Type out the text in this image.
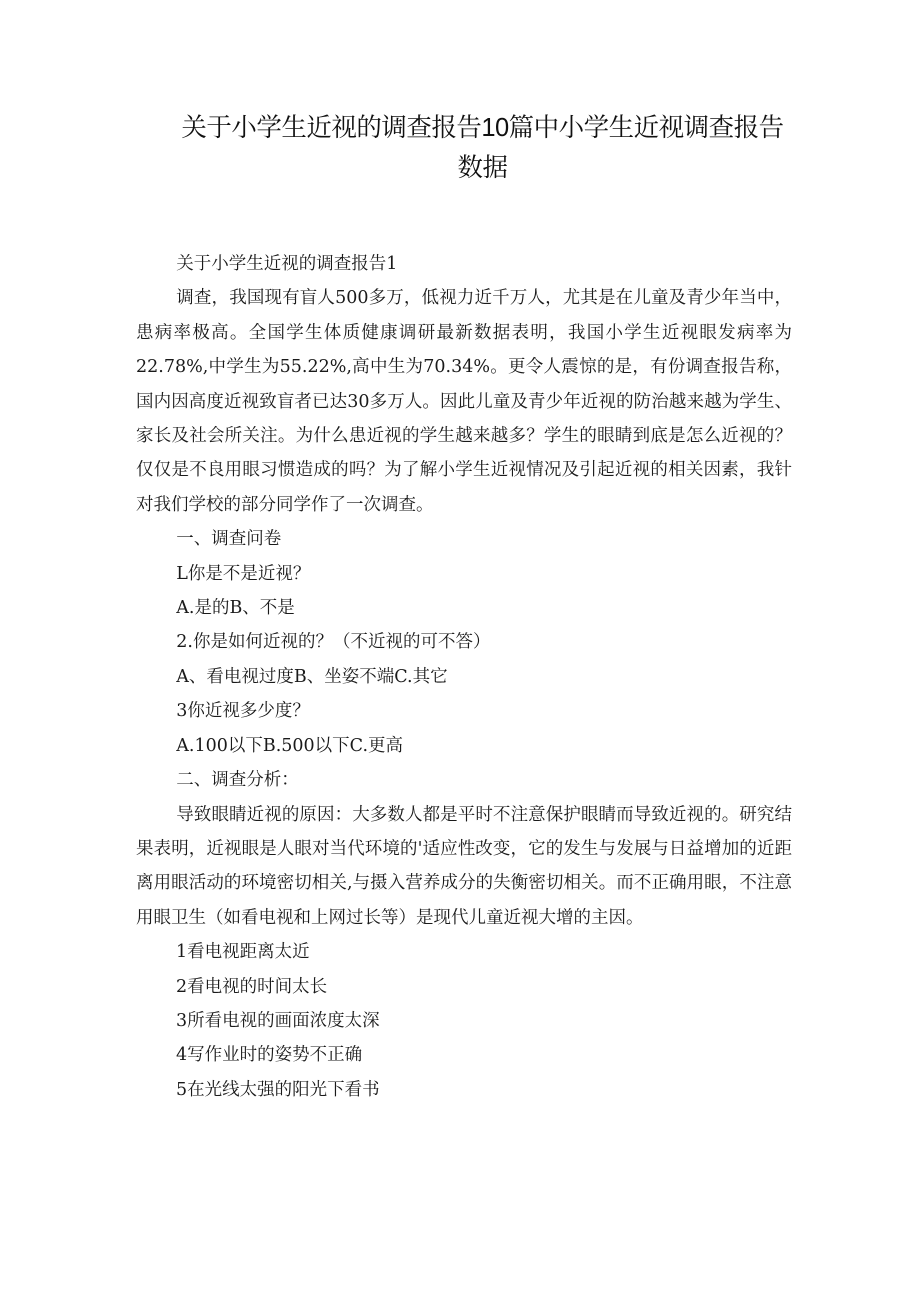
关于小学生近视的调查报告10篇中小学生近视调查报告数据

关于小学生近视的调查报告1

调查，我国现有盲人500多万，低视力近千万人，尤其是在儿童及青少年当中，患病率极高。全国学生体质健康调研最新数据表明，我国小学生近视眼发病率为22.78%,中学生为55.22%,高中生为70.34%。更令人震惊的是，有份调查报告称，国内因高度近视致盲者已达30多万人。因此儿童及青少年近视的防治越来越为学生、家长及社会所关注。为什么患近视的学生越来越多？学生的眼睛到底是怎么近视的？仅仅是不良用眼习惯造成的吗？为了解小学生近视情况及引起近视的相关因素，我针对我们学校的部分同学作了一次调查。

一、调查问卷

L你是不是近视？

A.是的B、不是

2.你是如何近视的？（不近视的可不答）

A、看电视过度B、坐姿不端C.其它

3你近视多少度？

A.100以下B.500以下C.更高

二、调查分析：

导致眼睛近视的原因：大多数人都是平时不注意保护眼睛而导致近视的。研究结果表明，近视眼是人眼对当代环境的'适应性改变，它的发生与发展与日益增加的近距离用眼活动的环境密切相关,与摄入营养成分的失衡密切相关。而不正确用眼，不注意用眼卫生（如看电视和上网过长等）是现代儿童近视大增的主因。

1看电视距离太近

2看电视的时间太长

3所看电视的画面浓度太深

4写作业时的姿势不正确

5在光线太强的阳光下看书
